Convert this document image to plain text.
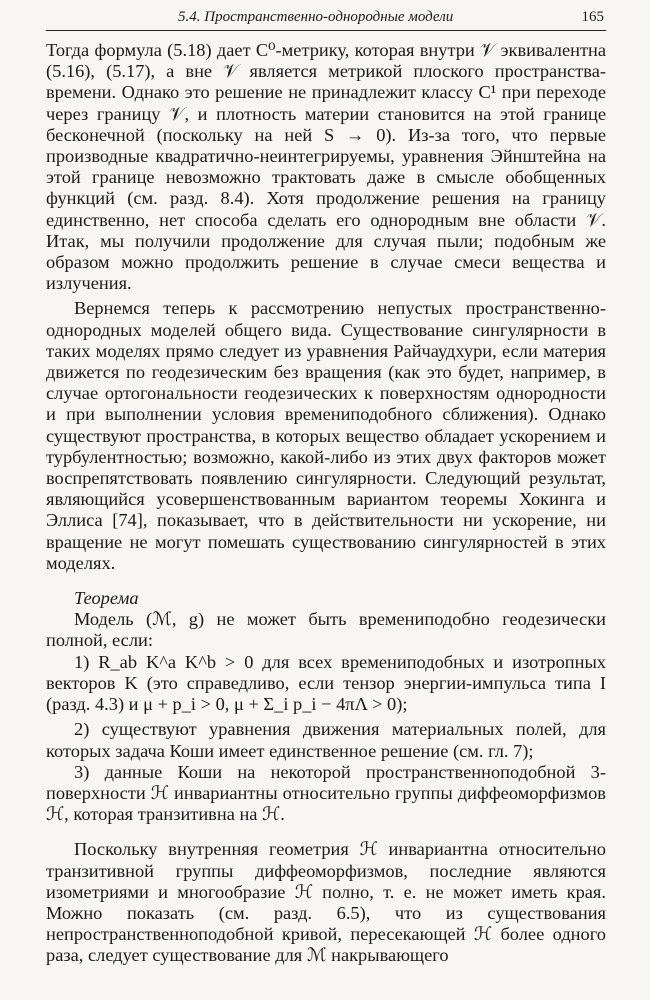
5.4. Пространственно-однородные модели	165

Тогда формула (5.18) дает C⁰-метрику, которая внутри 𝒱 эквивалентна (5.16), (5.17), а вне 𝒱 является метрикой плоского пространства-времени. Однако это решение не принадлежит классу C¹ при переходе через границу 𝒱, и плотность материи становится на этой границе бесконечной (поскольку на ней S → 0). Из-за того, что первые производные квадратично-неинтегрируемы, уравнения Эйнштейна на этой границе невозможно трактовать даже в смысле обобщенных функций (см. разд. 8.4). Хотя продолжение решения на границу единственно, нет способа сделать его однородным вне области 𝒱. Итак, мы получили продолжение для случая пыли; подобным же образом можно продолжить решение в случае смеси вещества и излучения.

Вернемся теперь к рассмотрению непустых пространственно-однородных моделей общего вида. Существование сингулярности в таких моделях прямо следует из уравнения Райчаудхури, если материя движется по геодезическим без вращения (как это будет, например, в случае ортогональности геодезических к поверхностям однородности и при выполнении условия времениподобного сближения). Однако существуют пространства, в которых вещество обладает ускорением и турбулентностью; возможно, какой-либо из этих двух факторов может воспрепятствовать появлению сингулярности. Следующий результат, являющийся усовершенствованным вариантом теоремы Хокинга и Эллиса [74], показывает, что в действительности ни ускорение, ни вращение не могут помешать существованию сингулярностей в этих моделях.

Теорема

Модель (ℳ, g) не может быть времениподобно геодезически полной, если:

1) R_ab K^a K^b > 0 для всех времениподобных и изотропных векторов K (это справедливо, если тензор энергии-импульса типа I (разд. 4.3) и μ + p_i > 0, μ + Σ_i p_i − 4πΛ > 0);

2) существуют уравнения движения материальных полей, для которых задача Коши имеет единственное решение (см. гл. 7);

3) данные Коши на некоторой пространственноподобной 3-поверхности ℋ инвариантны относительно группы диффеоморфизмов ℋ, которая транзитивна на ℋ.

Поскольку внутренняя геометрия ℋ инвариантна относительно транзитивной группы диффеоморфизмов, последние являются изометриями и многообразие ℋ полно, т. е. не может иметь края. Можно показать (см. разд. 6.5), что из существования непространственноподобной кривой, пересекающей ℋ более одного раза, следует существование для ℳ накрывающего
